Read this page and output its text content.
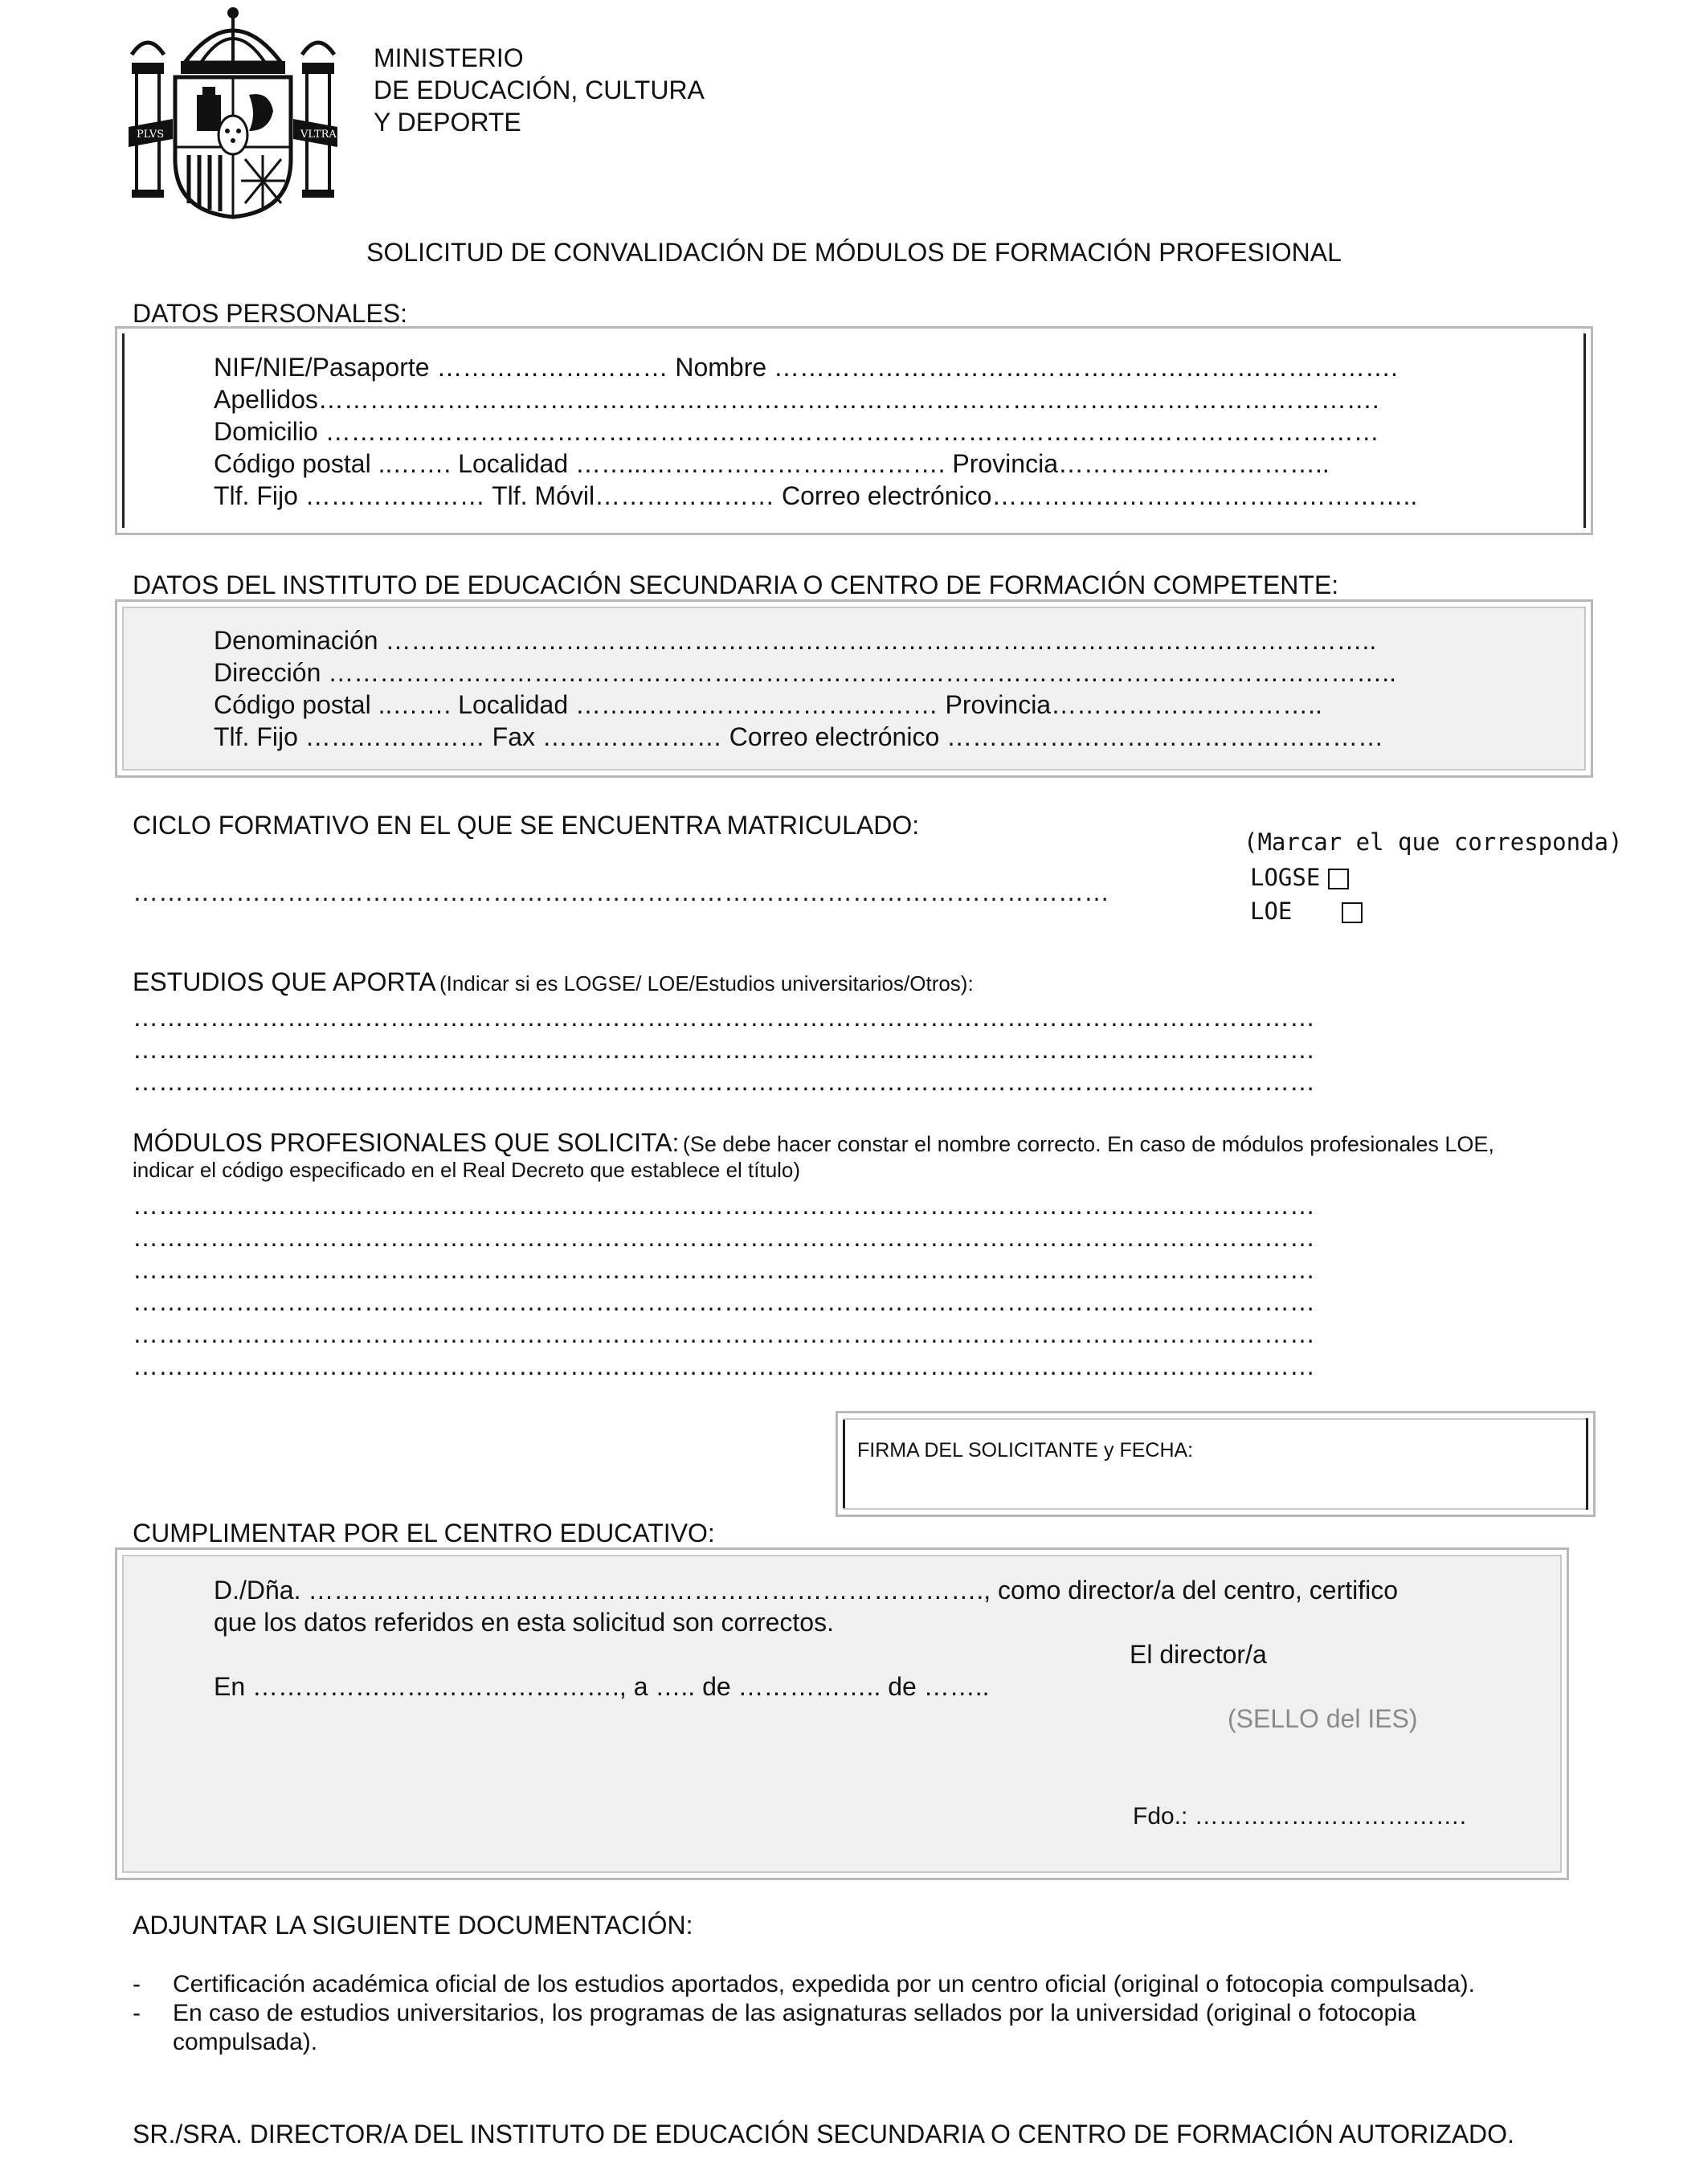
PLVS	VLTRA
MINISTERIO
DE EDUCACIÓN, CULTURA
Y DEPORTE
SOLICITUD DE CONVALIDACIÓN DE MÓDULOS DE FORMACIÓN PROFESIONAL
DATOS PERSONALES:
NIF/NIE/Pasaporte ……………………… Nombre ……………………………………………………………….
Apellidos…………………………………………………………………………………………………………….
Domicilio ……………………………………………………………………………………………………………
Código postal ..……. Localidad ……...………………….…………. Provincia…………………………..
Tlf. Fijo ………………… Tlf. Móvil………………… Correo electrónico…………………………………………..
DATOS DEL INSTITUTO DE EDUCACIÓN SECUNDARIA O CENTRO DE FORMACIÓN COMPETENTE:
Denominación ……………………………………………………………………………………………………..
Dirección ……………………………………………………………………………………………………………..
Código postal ..……. Localidad ……...…………………….……… Provincia…………………………..
Tlf. Fijo ………………… Fax ………………… Correo electrónico ……………………………………………
CICLO FORMATIVO EN EL QUE SE ENCUENTRA MATRICULADO:
……………………………………………………………………………………………………
(Marcar el que corresponda)
LOGSE
LOE
ESTUDIOS QUE APORTA (Indicar si es LOGSE/ LOE/Estudios universitarios/Otros):
…………………………………………………………………………………………………………………………
…………………………………………………………………………………………………………………………
…………………………………………………………………………………………………………………………
MÓDULOS PROFESIONALES QUE SOLICITA: (Se debe hacer constar el nombre correcto. En caso de módulos profesionales LOE,
indicar el código especificado en el Real Decreto que establece el título)
…………………………………………………………………………………………………………………………
…………………………………………………………………………………………………………………………
…………………………………………………………………………………………………………………………
…………………………………………………………………………………………………………………………
…………………………………………………………………………………………………………………………
…………………………………………………………………………………………………………………………
FIRMA DEL SOLICITANTE y FECHA:
CUMPLIMENTAR POR EL CENTRO EDUCATIVO:
D./Dña. ……………………………………………………………………., como director/a del centro, certifico
que los datos referidos en esta solicitud son correctos.
El director/a
En ……………………………………., a ….. de …………….. de ……..
(SELLO del IES)
Fdo.: …………………………….
ADJUNTAR LA SIGUIENTE DOCUMENTACIÓN:
- Certificación académica oficial de los estudios aportados, expedida por un centro oficial (original o fotocopia compulsada).
- En caso de estudios universitarios, los programas de las asignaturas sellados por la universidad (original o fotocopia
compulsada).
SR./SRA. DIRECTOR/A DEL INSTITUTO DE EDUCACIÓN SECUNDARIA O CENTRO DE FORMACIÓN AUTORIZADO.
